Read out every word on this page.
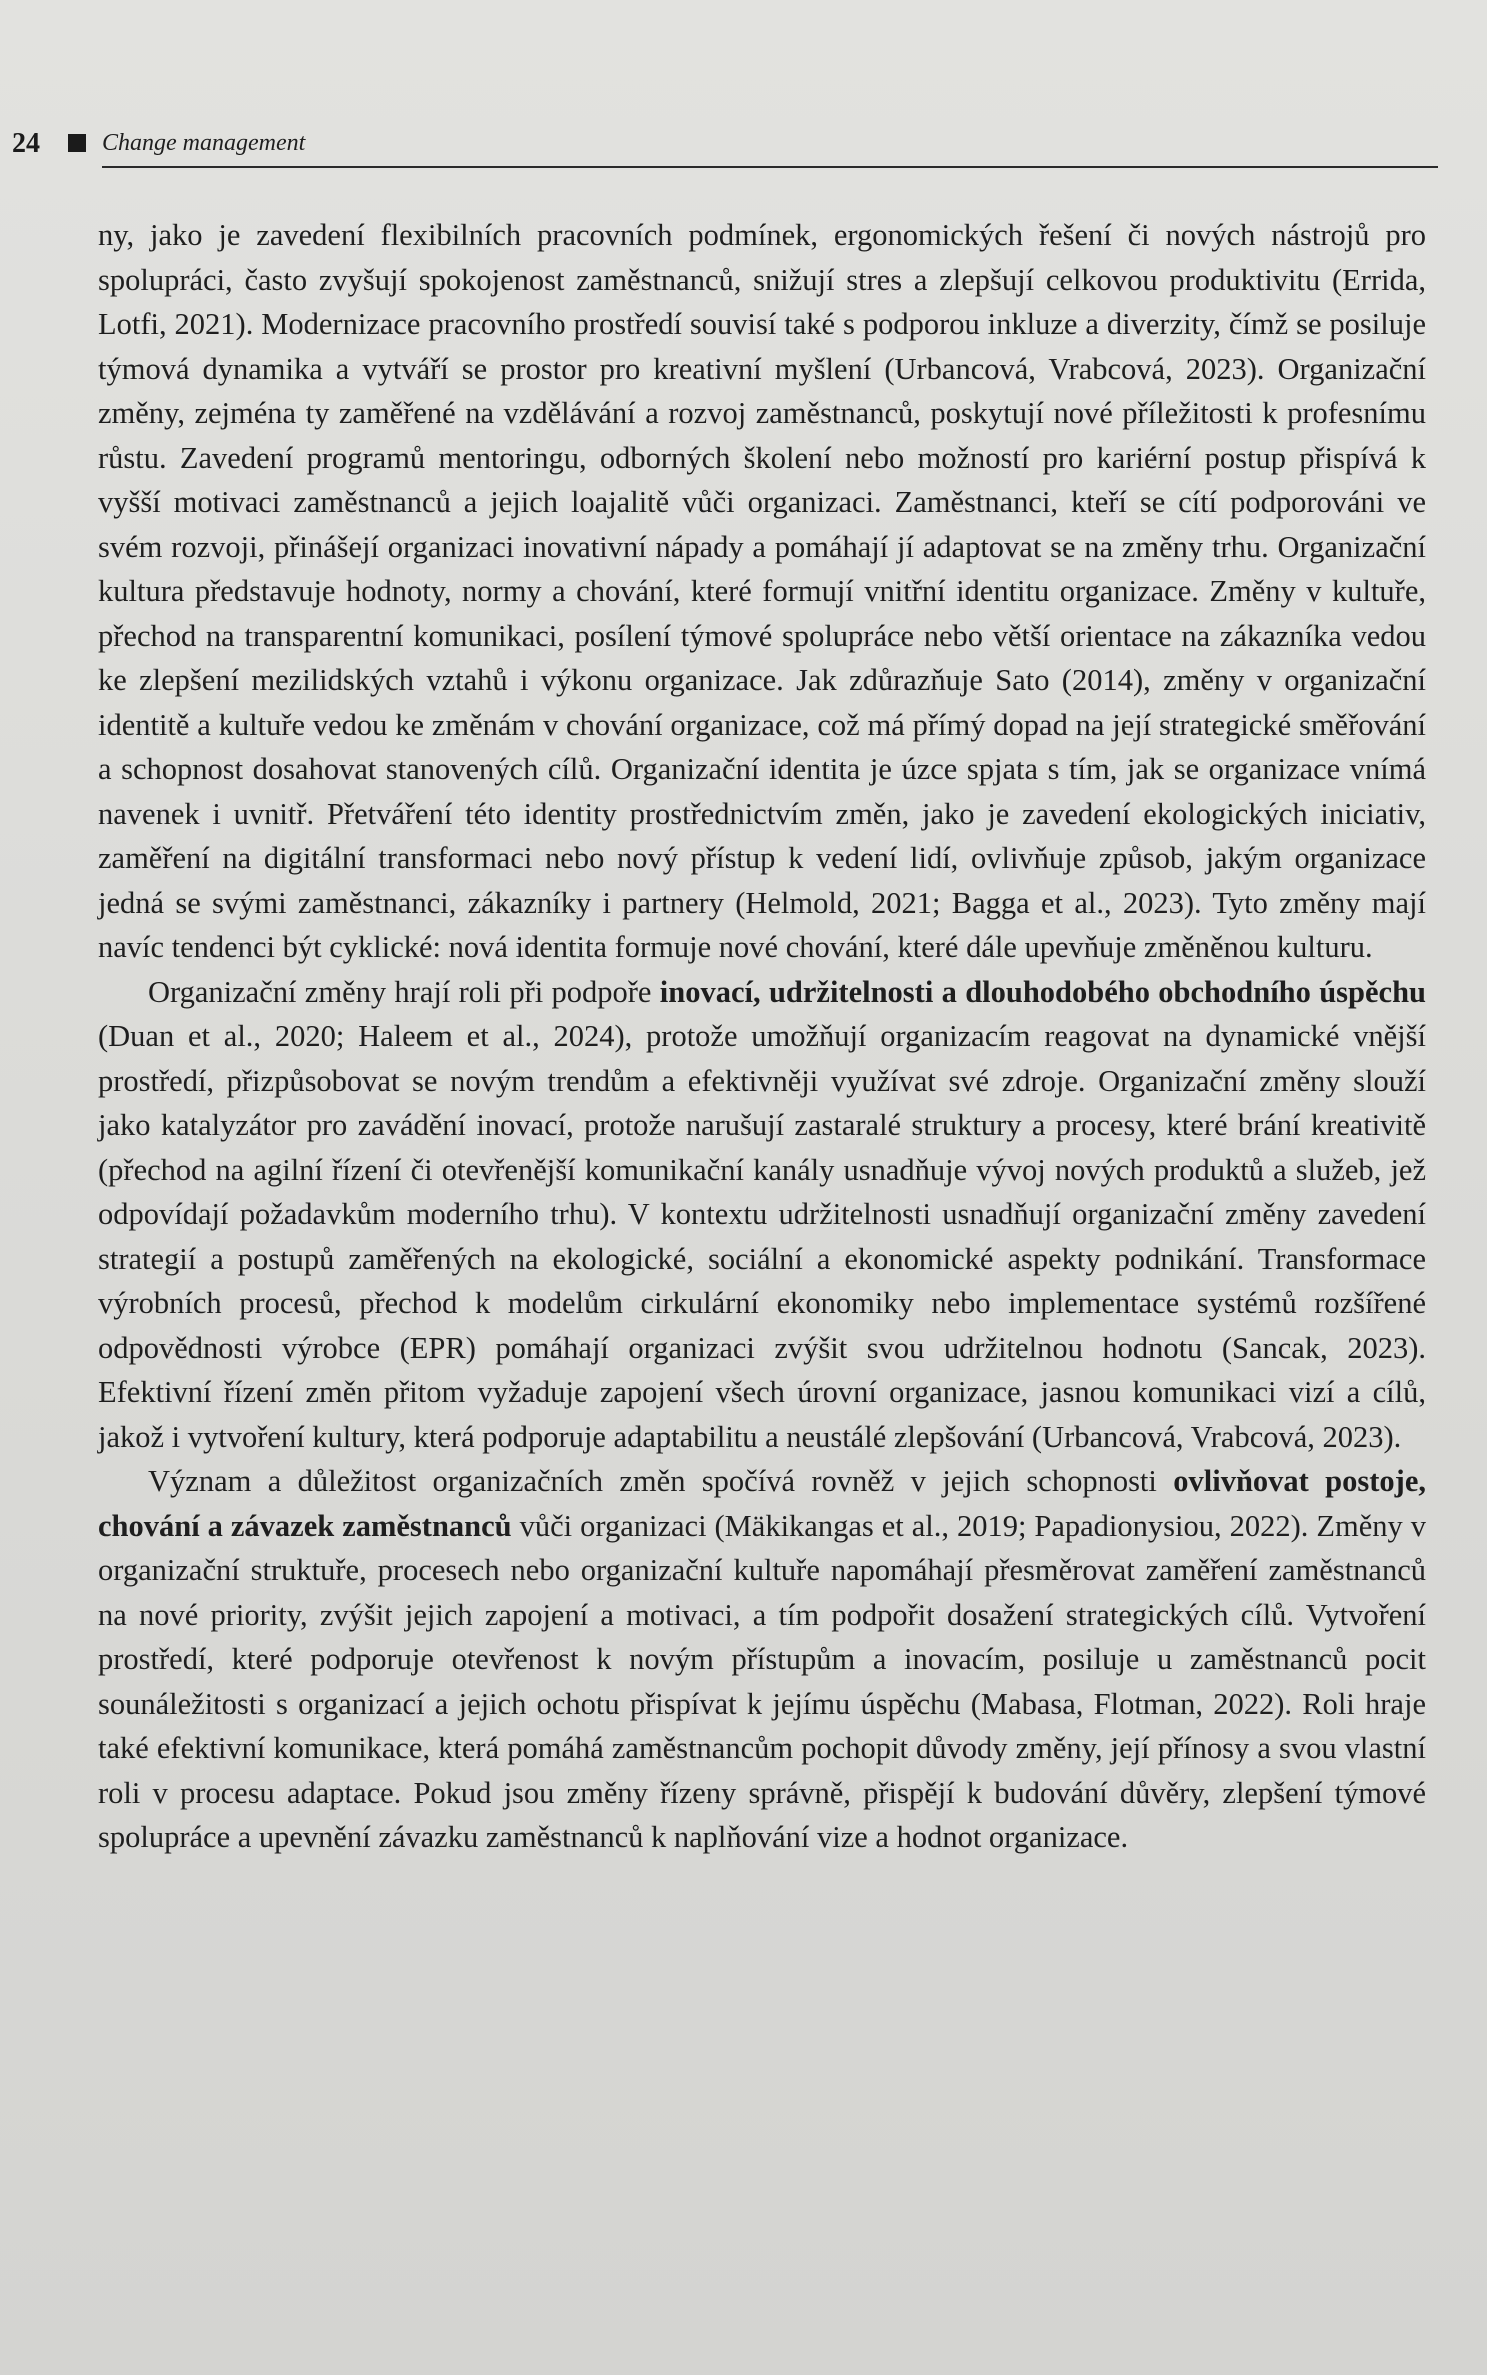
24	Change management

ny, jako je zavedení flexibilních pracovních podmínek, ergonomických řešení či nových nástrojů pro spolupráci, často zvyšují spokojenost zaměstnanců, snižují stres a zlepšují celkovou produktivitu (Errida, Lotfi, 2021). Modernizace pracovního prostředí souvisí také s podporou inkluze a diverzity, čímž se posiluje týmová dynamika a vytváří se prostor pro kreativní myšlení (Urbancová, Vrabcová, 2023). Organizační změny, zejména ty zaměřené na vzdělávání a rozvoj zaměstnanců, poskytují nové příležitosti k profesnímu růstu. Zavedení programů mentoringu, odborných školení nebo možností pro kariérní postup přispívá k vyšší motivaci zaměstnanců a jejich loajalitě vůči organizaci. Zaměstnanci, kteří se cítí podporováni ve svém rozvoji, přinášejí organizaci inovativní nápady a pomáhají jí adaptovat se na změny trhu. Organizační kultura představuje hodnoty, normy a chování, které formují vnitřní identitu organizace. Změny v kultuře, přechod na transparentní komunikaci, posílení týmové spolupráce nebo větší orientace na zákazníka vedou ke zlepšení mezilidských vztahů i výkonu organizace. Jak zdůrazňuje Sato (2014), změny v organizační identitě a kultuře vedou ke změnám v chování organizace, což má přímý dopad na její strategické směřování a schopnost dosahovat stanovených cílů. Organizační identita je úzce spjata s tím, jak se organizace vnímá navenek i uvnitř. Přetváření této identity prostřednictvím změn, jako je zavedení ekologických iniciativ, zaměření na digitální transformaci nebo nový přístup k vedení lidí, ovlivňuje způsob, jakým organizace jedná se svými zaměstnanci, zákazníky i partnery (Helmold, 2021; Bagga et al., 2023). Tyto změny mají navíc tendenci být cyklické: nová identita formuje nové chování, které dále upevňuje změněnou kulturu.

Organizační změny hrají roli při podpoře inovací, udržitelnosti a dlouhodobého obchodního úspěchu (Duan et al., 2020; Haleem et al., 2024), protože umožňují organizacím reagovat na dynamické vnější prostředí, přizpůsobovat se novým trendům a efektivněji využívat své zdroje. Organizační změny slouží jako katalyzátor pro zavádění inovací, protože narušují zastaralé struktury a procesy, které brání kreativitě (přechod na agilní řízení či otevřenější komunikační kanály usnadňuje vývoj nových produktů a služeb, jež odpovídají požadavkům moderního trhu). V kontextu udržitelnosti usnadňují organizační změny zavedení strategií a postupů zaměřených na ekologické, sociální a ekonomické aspekty podnikání. Transformace výrobních procesů, přechod k modelům cirkulární ekonomiky nebo implementace systémů rozšířené odpovědnosti výrobce (EPR) pomáhají organizaci zvýšit svou udržitelnou hodnotu (Sancak, 2023). Efektivní řízení změn přitom vyžaduje zapojení všech úrovní organizace, jasnou komunikaci vizí a cílů, jakož i vytvoření kultury, která podporuje adaptabilitu a neustálé zlepšování (Urbancová, Vrabcová, 2023).

Význam a důležitost organizačních změn spočívá rovněž v jejich schopnosti ovlivňovat postoje, chování a závazek zaměstnanců vůči organizaci (Mäkikangas et al., 2019; Papadionysiou, 2022). Změny v organizační struktuře, procesech nebo organizační kultuře napomáhají přesměrovat zaměření zaměstnanců na nové priority, zvýšit jejich zapojení a motivaci, a tím podpořit dosažení strategických cílů. Vytvoření prostředí, které podporuje otevřenost k novým přístupům a inovacím, posiluje u zaměstnanců pocit sounáležitosti s organizací a jejich ochotu přispívat k jejímu úspěchu (Mabasa, Flotman, 2022). Roli hraje také efektivní komunikace, která pomáhá zaměstnancům pochopit důvody změny, její přínosy a svou vlastní roli v procesu adaptace. Pokud jsou změny řízeny správně, přispějí k budování důvěry, zlepšení týmové spolupráce a upevnění závazku zaměstnanců k naplňování vize a hodnot organizace.
